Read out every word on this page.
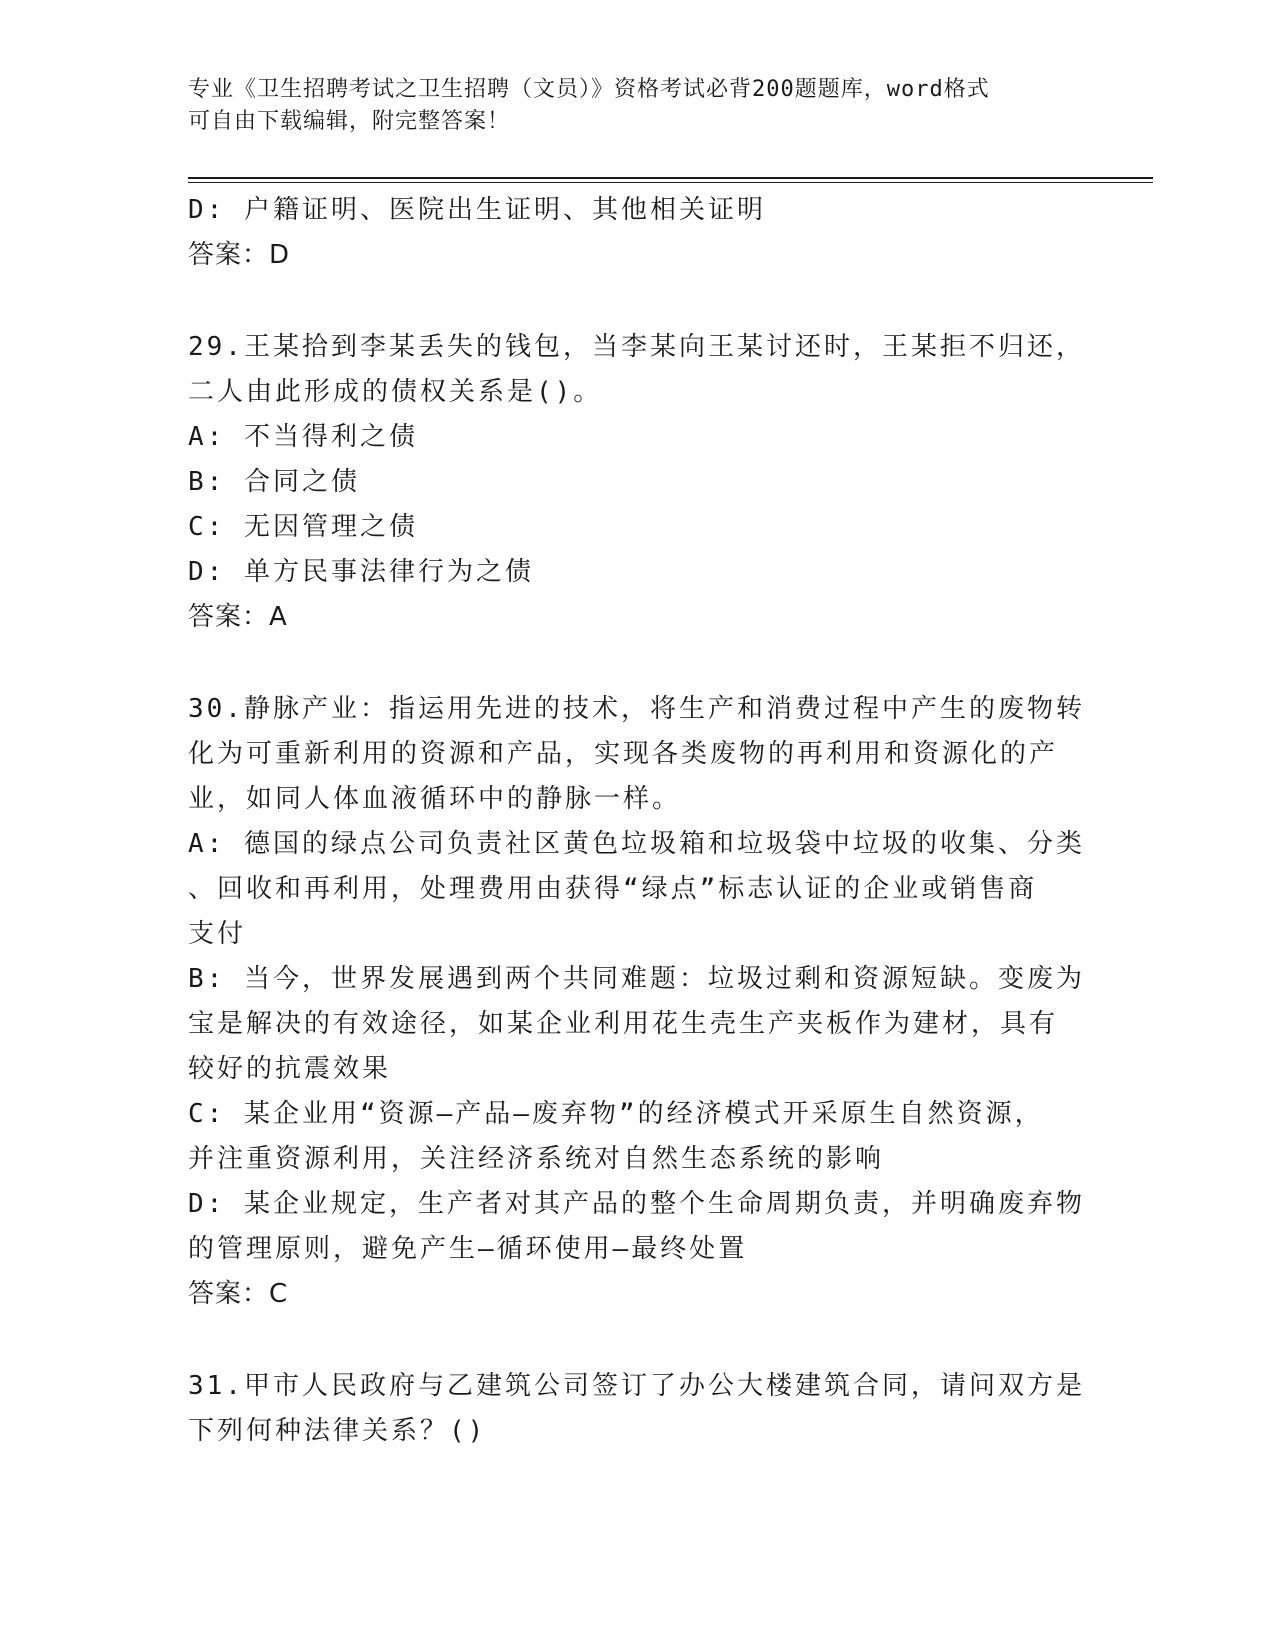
专业《卫生招聘考试之卫生招聘（文员）》资格考试必背200题题库，word格式
可自由下载编辑，附完整答案！
D: 户籍证明、医院出生证明、其他相关证明
答案：D
29.王某拾到李某丢失的钱包，当李某向王某讨还时，王某拒不归还，
二人由此形成的债权关系是()。
A: 不当得利之债
B: 合同之债
C: 无因管理之债
D: 单方民事法律行为之债
答案：A
30.静脉产业：指运用先进的技术，将生产和消费过程中产生的废物转
化为可重新利用的资源和产品，实现各类废物的再利用和资源化的产
业，如同人体血液循环中的静脉一样。
A: 德国的绿点公司负责社区黄色垃圾箱和垃圾袋中垃圾的收集、分类
、回收和再利用，处理费用由获得“绿点”标志认证的企业或销售商
支付
B: 当今，世界发展遇到两个共同难题：垃圾过剩和资源短缺。变废为
宝是解决的有效途径，如某企业利用花生壳生产夹板作为建材，具有
较好的抗震效果
C: 某企业用“资源—产品—废弃物”的经济模式开采原生自然资源，
并注重资源利用，关注经济系统对自然生态系统的影响
D: 某企业规定，生产者对其产品的整个生命周期负责，并明确废弃物
的管理原则，避免产生—循环使用—最终处置
答案：C
31.甲市人民政府与乙建筑公司签订了办公大楼建筑合同，请问双方是
下列何种法律关系？()
